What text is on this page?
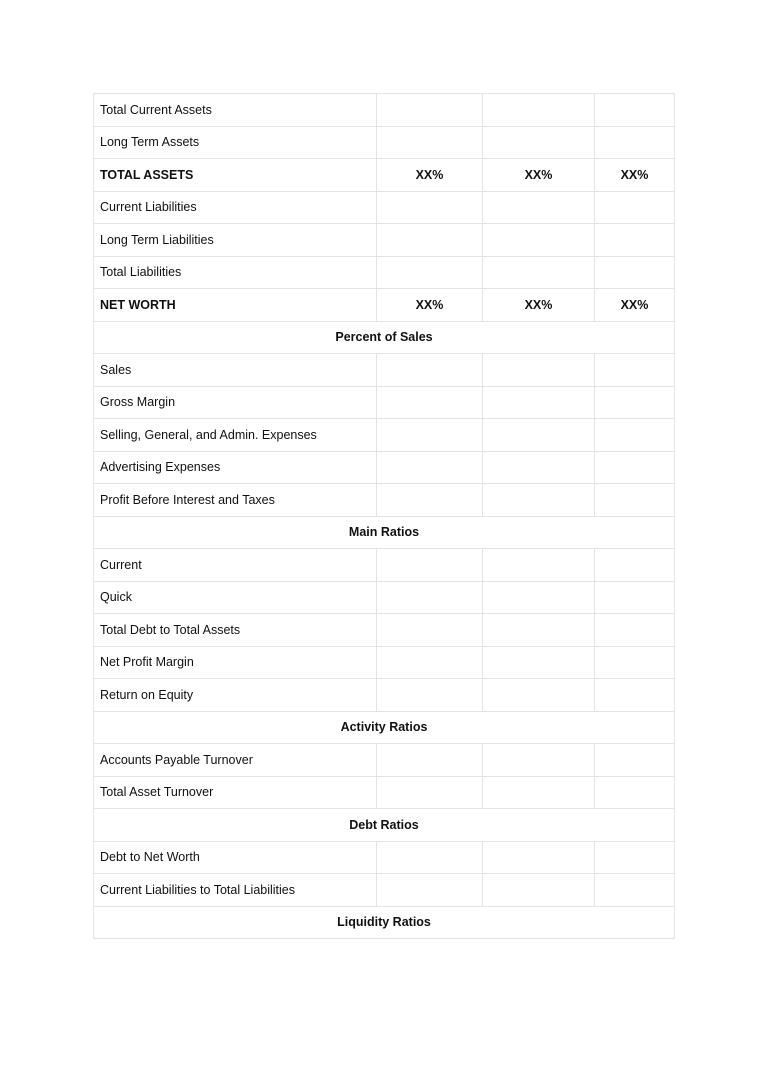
Total Current Assets			
Long Term Assets			
TOTAL ASSETS	XX%	XX%	XX%
Current Liabilities			
Long Term Liabilities			
Total Liabilities			
NET WORTH	XX%	XX%	XX%
Percent of Sales			
Sales			
Gross Margin			
Selling, General, and Admin. Expenses			
Advertising Expenses			
Profit Before Interest and Taxes			
Main Ratios			
Current			
Quick			
Total Debt to Total Assets			
Net Profit Margin			
Return on Equity			
Activity Ratios			
Accounts Payable Turnover			
Total Asset Turnover			
Debt Ratios			
Debt to Net Worth			
Current Liabilities to Total Liabilities			
Liquidity Ratios			
